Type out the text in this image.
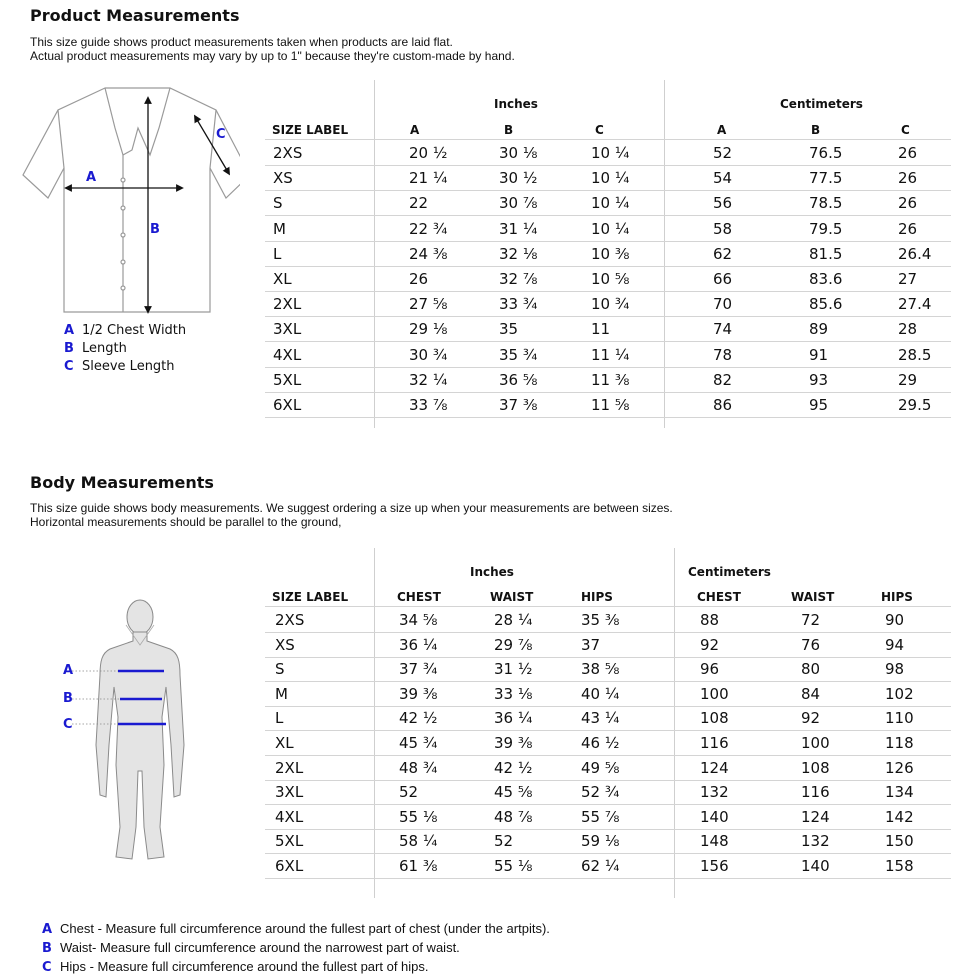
Product Measurements
This size guide shows product measurements taken when products are laid flat.
Actual product measurements may vary by up to 1" because they're custom-made by hand.
A
B
C
A 1/2 Chest Width
B Length
C Sleeve Length
Inches	Centimeters
SIZE LABEL	A	B	C	A	B	C
2XS	20 ½	30 ⅛	10 ¼	52	76.5	26
XS	21 ¼	30 ½	10 ¼	54	77.5	26
S	22	30 ⅞	10 ¼	56	78.5	26
M	22 ¾	31 ¼	10 ¼	58	79.5	26
L	24 ⅜	32 ⅛	10 ⅜	62	81.5	26.4
XL	26	32 ⅞	10 ⅝	66	83.6	27
2XL	27 ⅝	33 ¾	10 ¾	70	85.6	27.4
3XL	29 ⅛	35	11	74	89	28
4XL	30 ¾	35 ¾	11 ¼	78	91	28.5
5XL	32 ¼	36 ⅝	11 ⅜	82	93	29
6XL	33 ⅞	37 ⅜	11 ⅝	86	95	29.5
Body Measurements
This size guide shows body measurements. We suggest ordering a size up when your measurements are between sizes.
Horizontal measurements should be parallel to the ground,
A
B
C
Inches	Centimeters
SIZE LABEL	CHEST	WAIST	HIPS	CHEST	WAIST	HIPS
2XS	34 ⅝	28 ¼	35 ⅜	88	72	90
XS	36 ¼	29 ⅞	37	92	76	94
S	37 ¾	31 ½	38 ⅝	96	80	98
M	39 ⅜	33 ⅛	40 ¼	100	84	102
L	42 ½	36 ¼	43 ¼	108	92	110
XL	45 ¾	39 ⅜	46 ½	116	100	118
2XL	48 ¾	42 ½	49 ⅝	124	108	126
3XL	52	45 ⅝	52 ¾	132	116	134
4XL	55 ⅛	48 ⅞	55 ⅞	140	124	142
5XL	58 ¼	52	59 ⅛	148	132	150
6XL	61 ⅜	55 ⅛	62 ¼	156	140	158
A Chest - Measure full circumference around the fullest part of chest (under the artpits).
B Waist- Measure full circumference around the narrowest part of waist.
C Hips - Measure full circumference around the fullest part of hips.
